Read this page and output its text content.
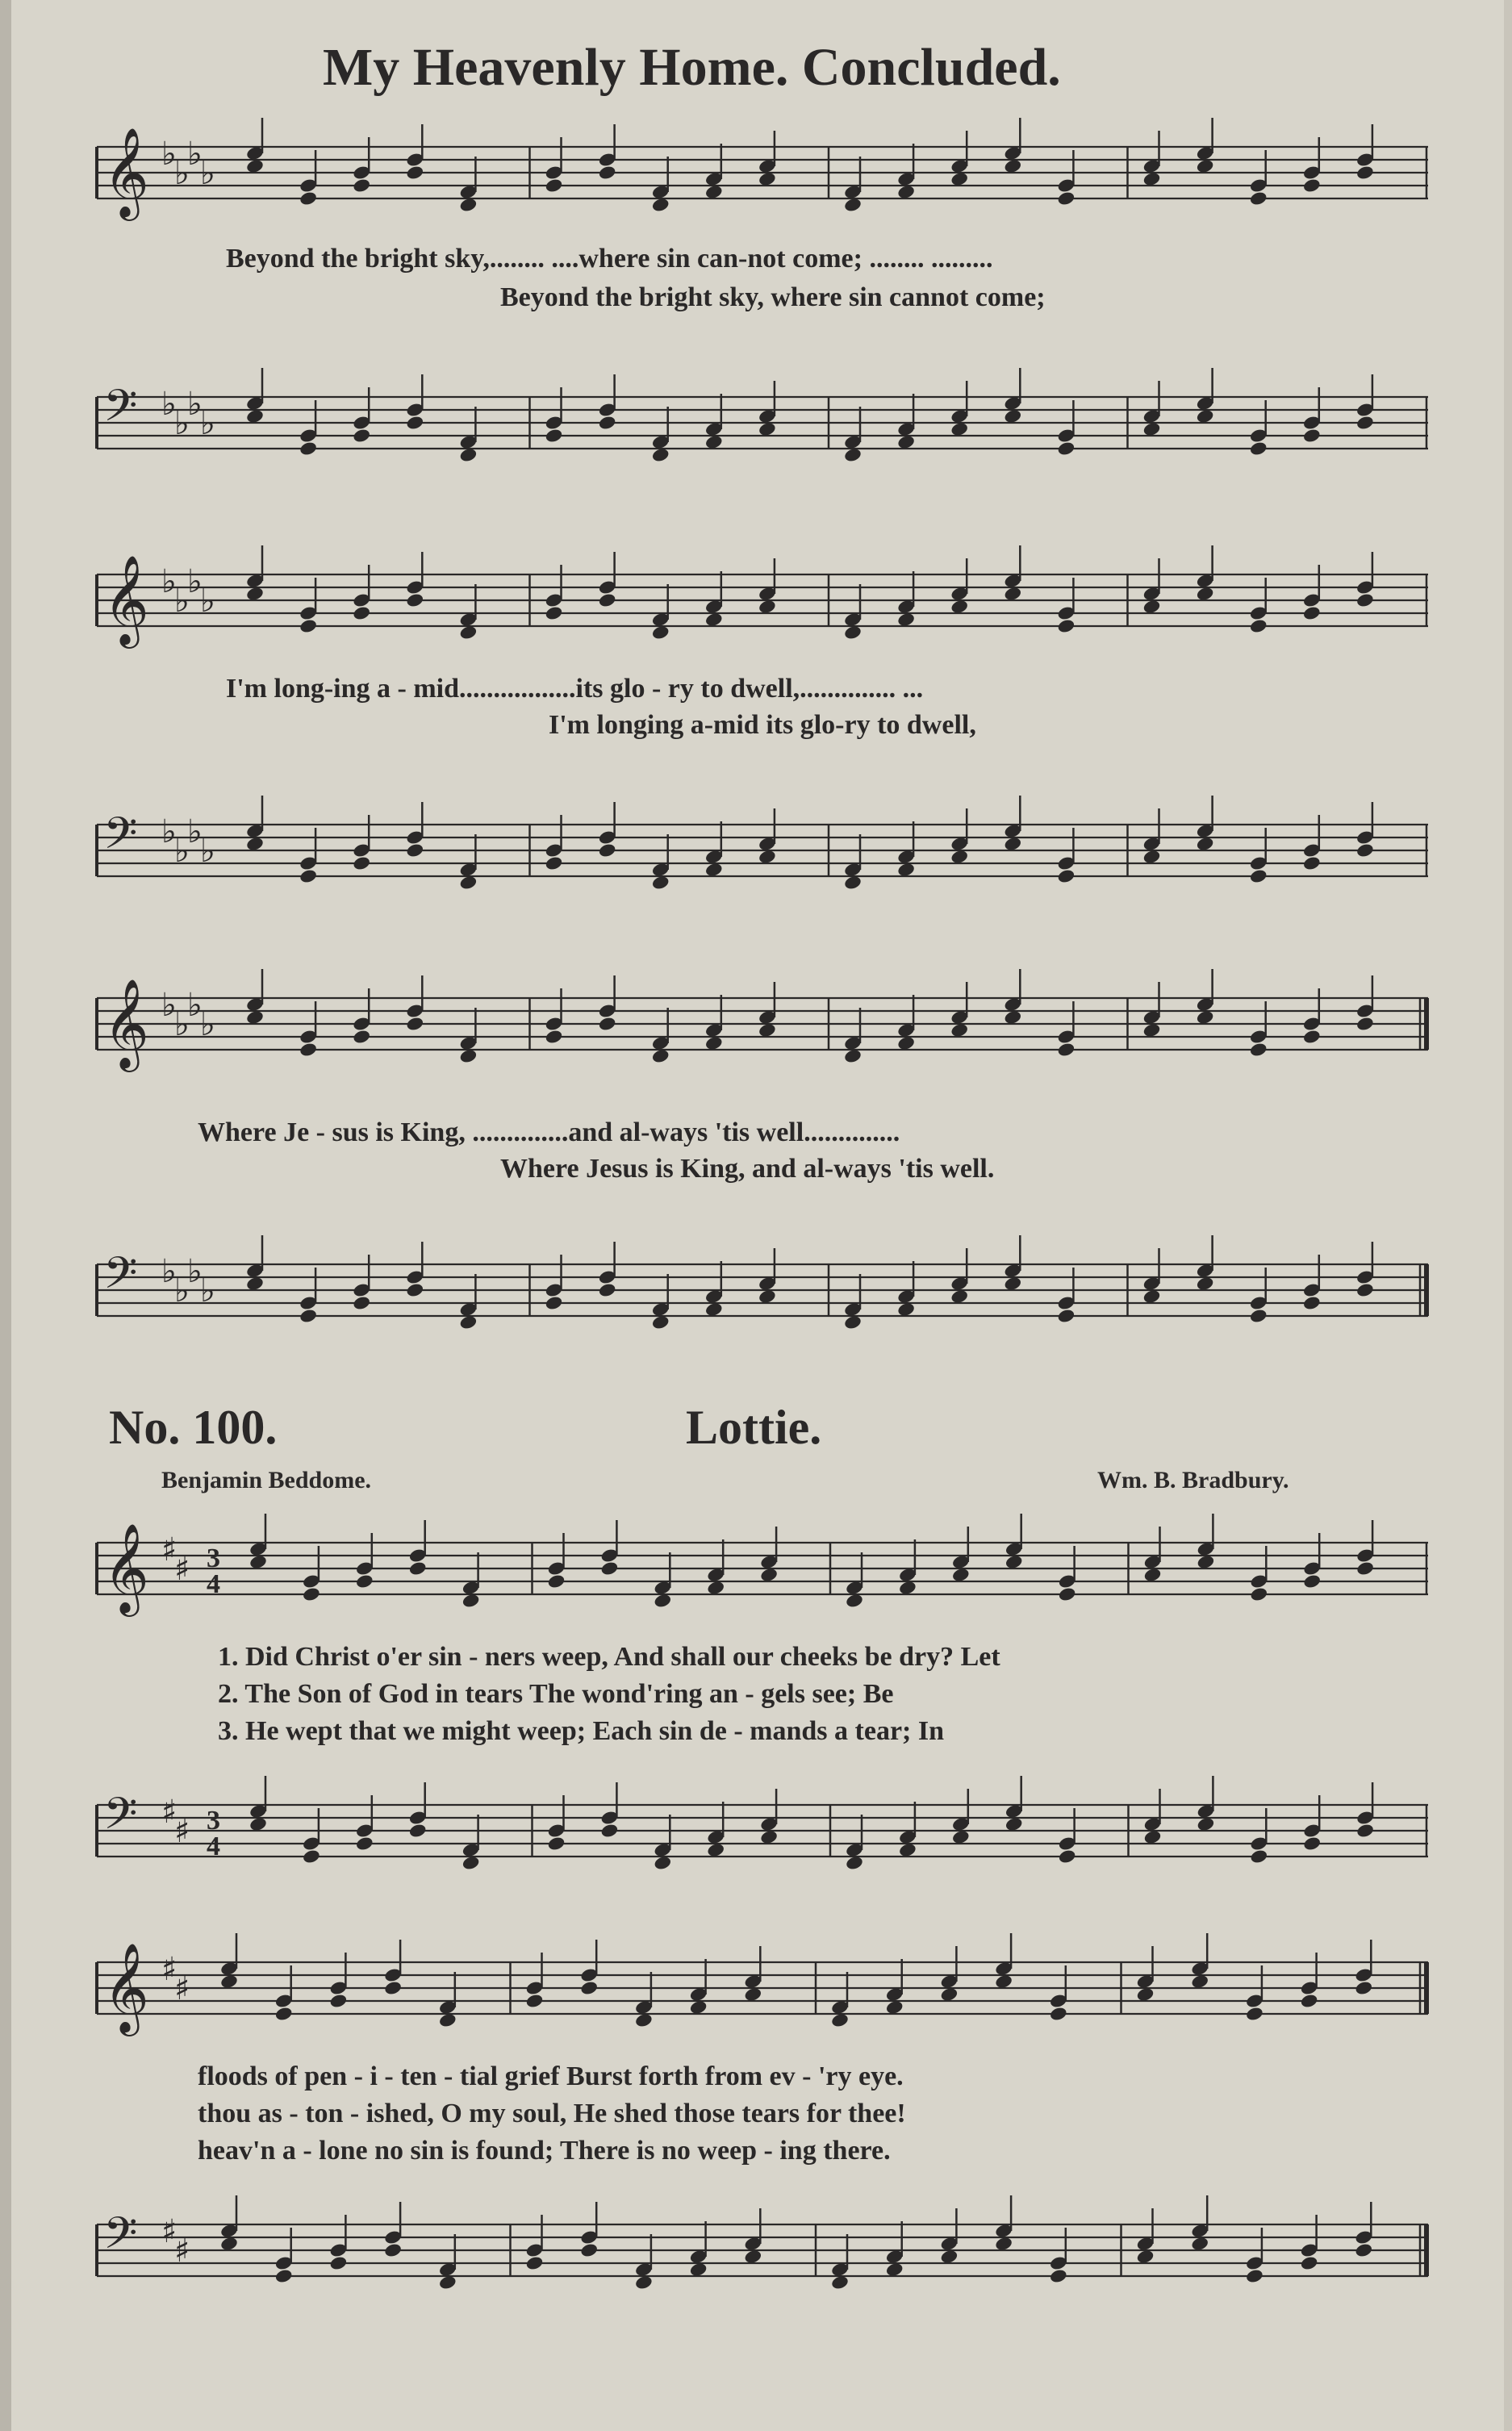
My Heavenly Home. Concluded.
𝄞 ♭
♭
♭
♭
Beyond the bright sky,........ ....where sin can-not come; ........ .........
Beyond the bright sky, where sin cannot come;
𝄢 ♭
♭
♭
♭
𝄞 ♭
♭
♭
♭
I'm long-ing a - mid.................its glo - ry to dwell,.............. ...
I'm longing a-mid its glo-ry to dwell,
𝄢 ♭
♭
♭
♭
𝄞 ♭
♭
♭
♭
Where Je - sus is King, ..............and al-ways 'tis well..............
Where Jesus is King, and al-ways 'tis well.
𝄢 ♭
♭
♭
♭
No. 100.	Lottie.
Benjamin Beddome.	Wm. B. Bradbury.
𝄞 ♯
♯ 3
4
1. Did Christ o'er sin - ners weep, And shall our cheeks be dry? Let
2. The Son of God in tears The wond'ring an - gels see; Be
3. He wept that we might weep; Each sin de - mands a tear; In
𝄢 ♯
♯ 3
4
𝄞 ♯
♯
floods of pen - i - ten - tial grief Burst forth from ev - 'ry eye.
thou as - ton - ished, O my soul, He shed those tears for thee!
heav'n a - lone no sin is found; There is no weep - ing there.
𝄢 ♯
♯
